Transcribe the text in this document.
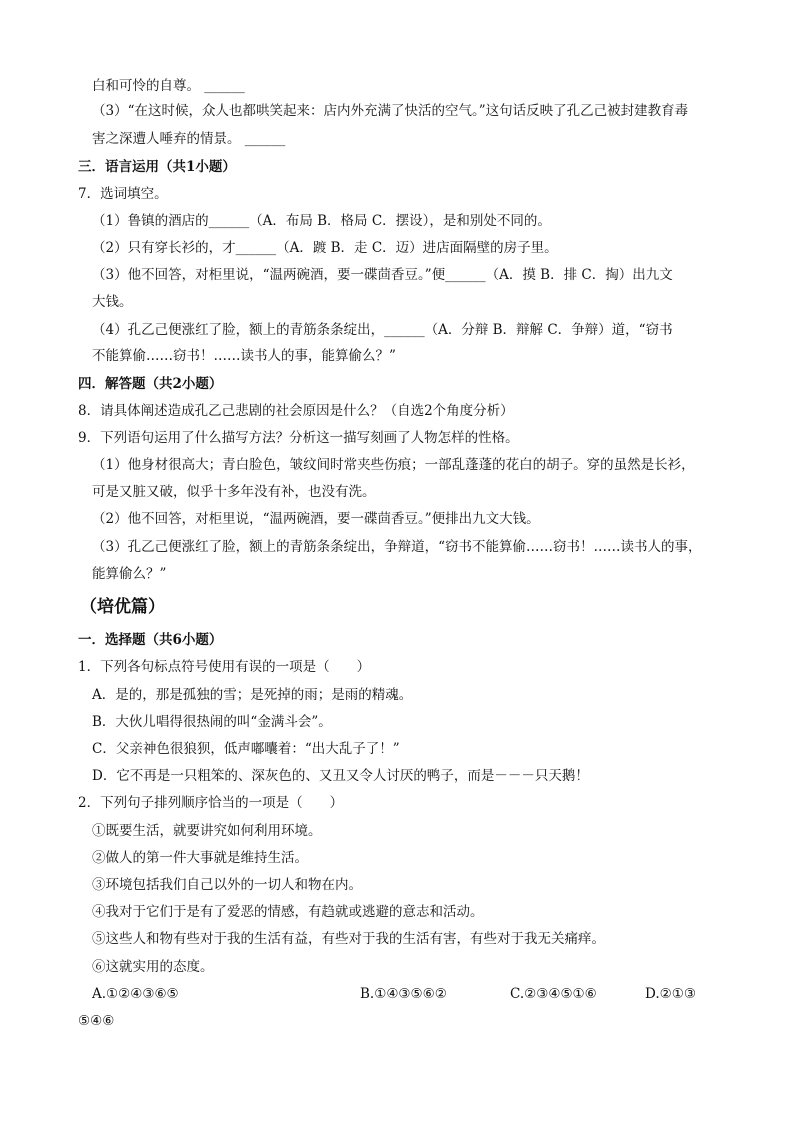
白和可怜的自尊。 ______
（3）“在这时候，众人也都哄笑起来：店内外充满了快活的空气。”这句话反映了孔乙己被封建教育毒
害之深遭人唾弃的情景。 ______
三．语言运用（共1小题）
7．选词填空。
（1）鲁镇的酒店的______（A．布局 B．格局 C．摆设），是和别处不同的。
（2）只有穿长衫的，才______（A．踱 B．走 C．迈）进店面隔壁的房子里。
（3）他不回答，对柜里说，“温两碗酒，要一碟茴香豆。”便______（A．摸 B．排 C．掏）出九文
大钱。
（4）孔乙己便涨红了脸，额上的青筋条条绽出，______（A．分辩 B．辩解 C．争辩）道，“窃书
不能算偷……窃书！……读书人的事，能算偷么？”
四．解答题（共2小题）
8．请具体阐述造成孔乙己悲剧的社会原因是什么？（自选2个角度分析）
9．下列语句运用了什么描写方法？分析这一描写刻画了人物怎样的性格。
（1）他身材很高大；青白脸色，皱纹间时常夹些伤痕；一部乱蓬蓬的花白的胡子。穿的虽然是长衫，
可是又脏又破，似乎十多年没有补，也没有洗。
（2）他不回答，对柜里说，“温两碗酒，要一碟茴香豆。”便排出九文大钱。
（3）孔乙己便涨红了脸，额上的青筋条条绽出，争辩道，“窃书不能算偷……窃书！……读书人的事，
能算偷么？”
（培优篇）
一．选择题（共6小题）
1．下列各句标点符号使用有误的一项是（　　）
A．是的，那是孤独的雪；是死掉的雨；是雨的精魂。
B．大伙儿唱得很热闹的叫“金满斗会”。
C．父亲神色很狼狈，低声嘟囔着：“出大乱子了！”
D．它不再是一只粗笨的、深灰色的、又丑又令人讨厌的鸭子，而是－－－只天鹅！
2．下列句子排列顺序恰当的一项是（　　）
①既要生活，就要讲究如何利用环境。
②做人的第一件大事就是维持生活。
③环境包括我们自己以外的一切人和物在内。
④我对于它们于是有了爱恶的情感，有趋就或逃避的意志和活动。
⑤这些人和物有些对于我的生活有益，有些对于我的生活有害，有些对于我无关痛痒。
⑥这就实用的态度。
A.①②④③⑥⑤	B.①④③⑤⑥②	C.②③④⑤①⑥	D.②①③
⑤④⑥
